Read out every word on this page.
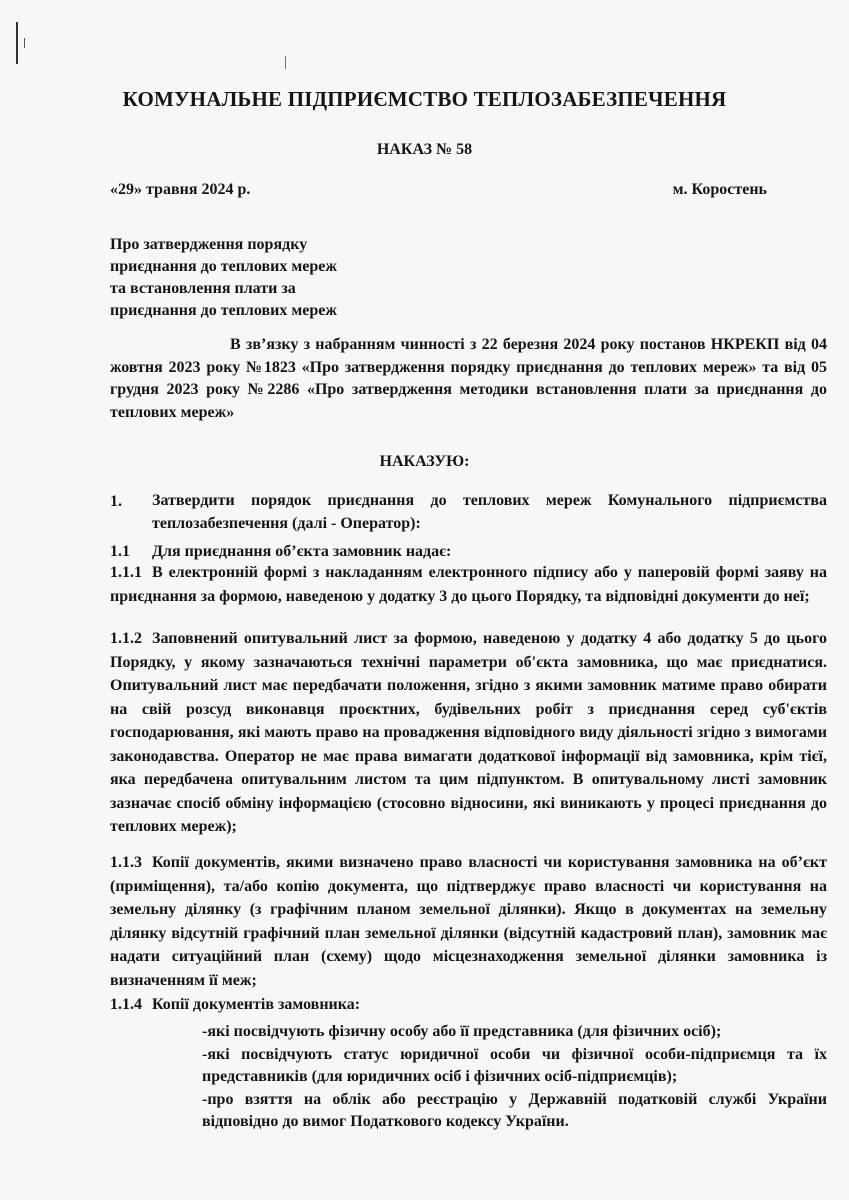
КОМУНАЛЬНЕ ПІДПРИЄМСТВО ТЕПЛОЗАБЕЗПЕЧЕННЯ
НАКАЗ № 58
«29» травня 2024 р.	м. Коростень
Про затвердження порядку
приєднання до теплових мереж
та встановлення плати за
приєднання до теплових мереж
В зв’язку з набранням чинності з 22 березня 2024 року постанов НКРЕКП від 04 жовтня 2023 року №1823 «Про затвердження порядку приєднання до теплових мереж» та від 05 грудня 2023 року №2286 «Про затвердження методики встановлення плати за приєднання до теплових мереж»
НАКАЗУЮ:
1. Затвердити порядок приєднання до теплових мереж Комунального підприємства теплозабезпечення (далі - Оператор):
1.1 Для приєднання об’єкта замовник надає:
1.1.1 В електронній формі з накладанням електронного підпису або у паперовій формі заяву на приєднання за формою, наведеною у додатку 3 до цього Порядку, та відповідні документи до неї;
1.1.2 Заповнений опитувальний лист за формою, наведеною у додатку 4 або додатку 5 до цього Порядку, у якому зазначаються технічні параметри об'єкта замовника, що має приєднатися. Опитувальний лист має передбачати положення, згідно з якими замовник матиме право обирати на свій розсуд виконавця проєктних, будівельних робіт з приєднання серед суб'єктів господарювання, які мають право на провадження відповідного виду діяльності згідно з вимогами законодавства. Оператор не має права вимагати додаткової інформації від замовника, крім тієї, яка передбачена опитувальним листом та цим підпунктом. В опитувальному листі замовник зазначає спосіб обміну інформацією (стосовно відносини, які виникають у процесі приєднання до теплових мереж);
1.1.3 Копії документів, якими визначено право власності чи користування замовника на об’єкт (приміщення), та/або копію документа, що підтверджує право власності чи користування на земельну ділянку (з графічним планом земельної ділянки). Якщо в документах на земельну ділянку відсутній графічний план земельної ділянки (відсутній кадастровий план), замовник має надати ситуаційний план (схему) щодо місцезнаходження земельної ділянки замовника із визначенням її меж;
1.1.4 Копії документів замовника:
-які посвідчують фізичну особу або її представника (для фізичних осіб);
-які посвідчують статус юридичної особи чи фізичної особи-підприємця та їх представників (для юридичних осіб і фізичних осіб-підприємців);
-про взяття на облік або реєстрацію у Державній податковій службі України відповідно до вимог Податкового кодексу України.
